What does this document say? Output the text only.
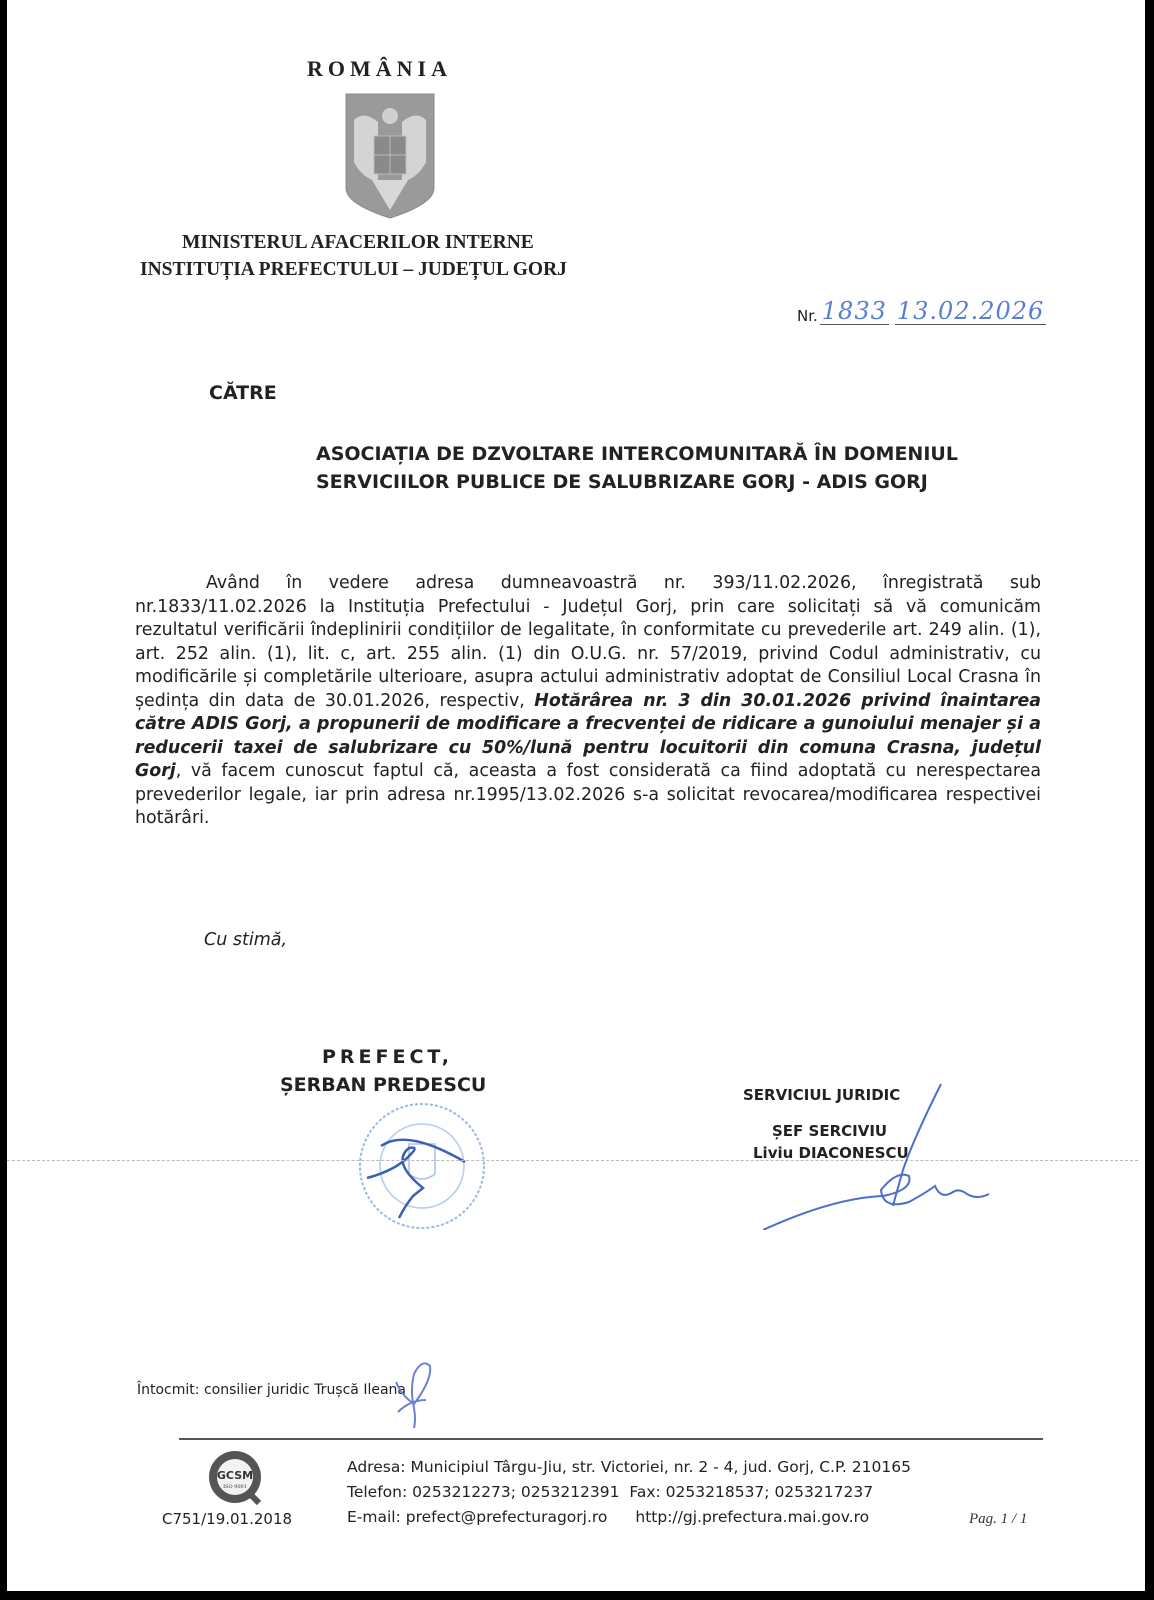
ROMÂNIA
MINISTERUL AFACERILOR INTERNE
INSTITUȚIA PREFECTULUI – JUDEȚUL GORJ
Nr. 1833 13.02.2026
CĂTRE
ASOCIAȚIA DE DZVOLTARE INTERCOMUNITARĂ ÎN DOMENIUL
SERVICIILOR PUBLICE DE SALUBRIZARE GORJ - ADIS GORJ

Având în vedere adresa dumneavoastră nr. 393/11.02.2026, înregistrată sub nr.1833/11.02.2026 la Instituția Prefectului - Județul Gorj, prin care solicitați să vă comunicăm rezultatul verificării îndeplinirii condițiilor de legalitate, în conformitate cu prevederile art. 249 alin. (1), art. 252 alin. (1), lit. c, art. 255 alin. (1) din O.U.G. nr. 57/2019, privind Codul administrativ, cu modificările și completările ulterioare, asupra actului administrativ adoptat de Consiliul Local Crasna în ședința din data de 30.01.2026, respectiv, Hotărârea nr. 3 din 30.01.2026 privind înaintarea către ADIS Gorj, a propunerii de modificare a frecvenței de ridicare a gunoiului menajer și a reducerii taxei de salubrizare cu 50%/lună pentru locuitorii din comuna Crasna, județul Gorj, vă facem cunoscut faptul că, aceasta a fost considerată ca fiind adoptată cu nerespectarea prevederilor legale, iar prin adresa nr.1995/13.02.2026 s-a solicitat revocarea/modificarea respectivei hotărâri.

Cu stimă,
PREFECT,
ȘERBAN PREDESCU	SERVICIUL JURIDIC
ȘEF SERCIVIU
Liviu DIACONESCU
Întocmit: consilier juridic Trușcă Ileana
GCSM
ISO 9001
C751/19.01.2018
Adresa: Municipiul Târgu-Jiu, str. Victoriei, nr. 2 - 4, jud. Gorj, C.P. 210165
Telefon: 0253212273; 0253212391  Fax: 0253218537; 0253217237
E-mail: prefect@prefecturagorj.ro http://gj.prefectura.mai.gov.ro	Pag. 1 / 1
